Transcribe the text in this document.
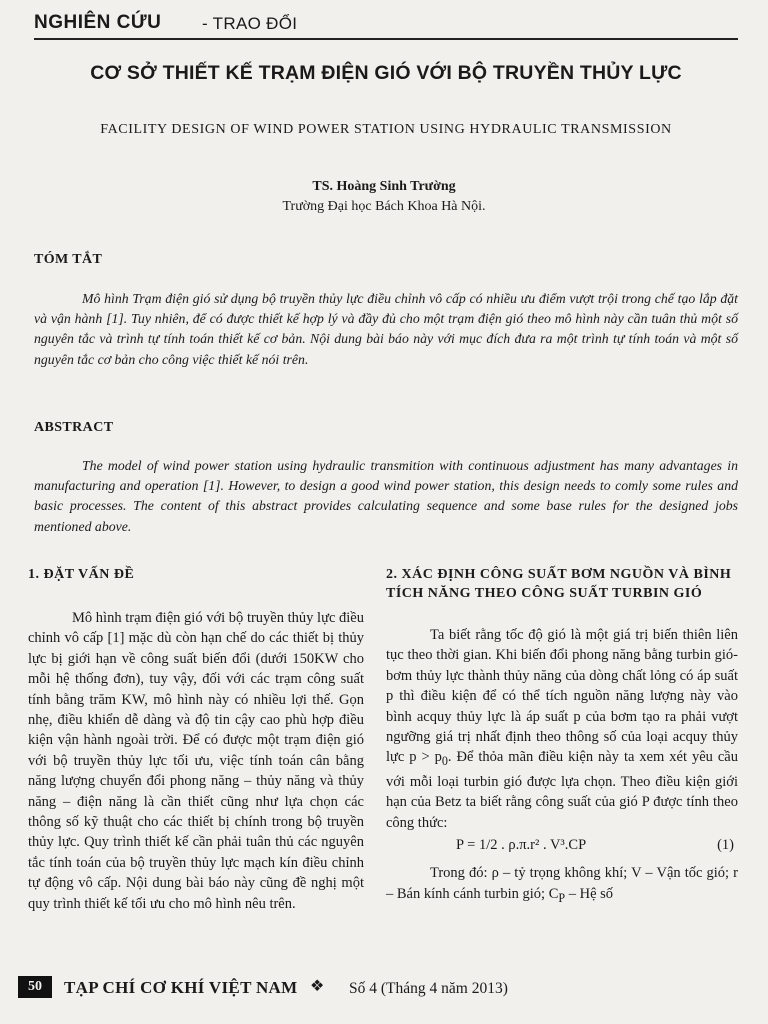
NGHIÊN CỨU - TRAO ĐỔI
CƠ SỞ THIẾT KẾ TRẠM ĐIỆN GIÓ VỚI BỘ TRUYỀN THỦY LỰC
FACILITY DESIGN OF WIND POWER STATION USING HYDRAULIC TRANSMISSION
TS. Hoàng Sinh Trường
Trường Đại học Bách Khoa Hà Nội.
TÓM TẮT
Mô hình Trạm điện gió sử dụng bộ truyền thủy lực điều chỉnh vô cấp có nhiều ưu điểm vượt trội trong chế tạo lắp đặt và vận hành [1]. Tuy nhiên, để có được thiết kế hợp lý và đầy đủ cho một trạm điện gió theo mô hình này cần tuân thủ một số nguyên tắc và trình tự tính toán thiết kế cơ bản. Nội dung bài báo này với mục đích đưa ra một trình tự tính toán và một số nguyên tắc cơ bản cho công việc thiết kế nói trên.
ABSTRACT
The model of wind power station using hydraulic transmition with continuous adjustment has many advantages in manufacturing and operation [1]. However, to design a good wind power station, this design needs to comly some rules and basic processes. The content of this abstract provides calculating sequence and some base rules for the designed jobs mentioned above.
1. ĐẶT VẤN ĐỀ
Mô hình trạm điện gió với bộ truyền thủy lực điều chỉnh vô cấp [1] mặc dù còn hạn chế do các thiết bị thủy lực bị giới hạn về công suất biến đổi (dưới 150KW cho mỗi hệ thống đơn), tuy vậy, đối với các trạm công suất tính bằng trăm KW, mô hình này có nhiều lợi thế. Gọn nhẹ, điều khiển dễ dàng và độ tin cậy cao phù hợp điều kiện vận hành ngoài trời. Để có được một trạm điện gió với bộ truyền thủy lực tối ưu, việc tính toán cân bằng năng lượng chuyển đổi phong năng – thủy năng và thủy năng – điện năng là cần thiết cũng như lựa chọn các thông số kỹ thuật cho các thiết bị chính trong bộ truyền thủy lực. Quy trình thiết kế cần phải tuân thủ các nguyên tắc tính toán của bộ truyền thủy lực mạch kín điều chỉnh tự động vô cấp. Nội dung bài báo này cũng đề nghị một quy trình thiết kế tối ưu cho mô hình nêu trên.
2. XÁC ĐỊNH CÔNG SUẤT BƠM NGUỒN VÀ BÌNH TÍCH NĂNG THEO CÔNG SUẤT TURBIN GIÓ
Ta biết rằng tốc độ gió là một giá trị biến thiên liên tục theo thời gian. Khi biến đổi phong năng bằng turbin gió- bơm thủy lực thành thủy năng của dòng chất lỏng có áp suất p thì điều kiện để có thể tích nguồn năng lượng này vào bình acquy thủy lực là áp suất p của bơm tạo ra phải vượt ngưỡng giá trị nhất định theo thông số của loại acquy thủy lực $p > p_0$. Để thỏa mãn điều kiện này ta xem xét yêu cầu với mỗi loại turbin gió được lựa chọn. Theo điều kiện giới hạn của Betz ta biết rằng công suất của gió P được tính theo công thức:
P = 1/2 . ρ.π.r² . V³.CP	(1)
Trong đó: ρ – tỷ trọng không khí; V – Vận tốc gió; r – Bán kính cánh turbin gió; $C_P$ – Hệ số
50	TẠP CHÍ CƠ KHÍ VIỆT NAM ❖ Số 4 (Tháng 4 năm 2013)
